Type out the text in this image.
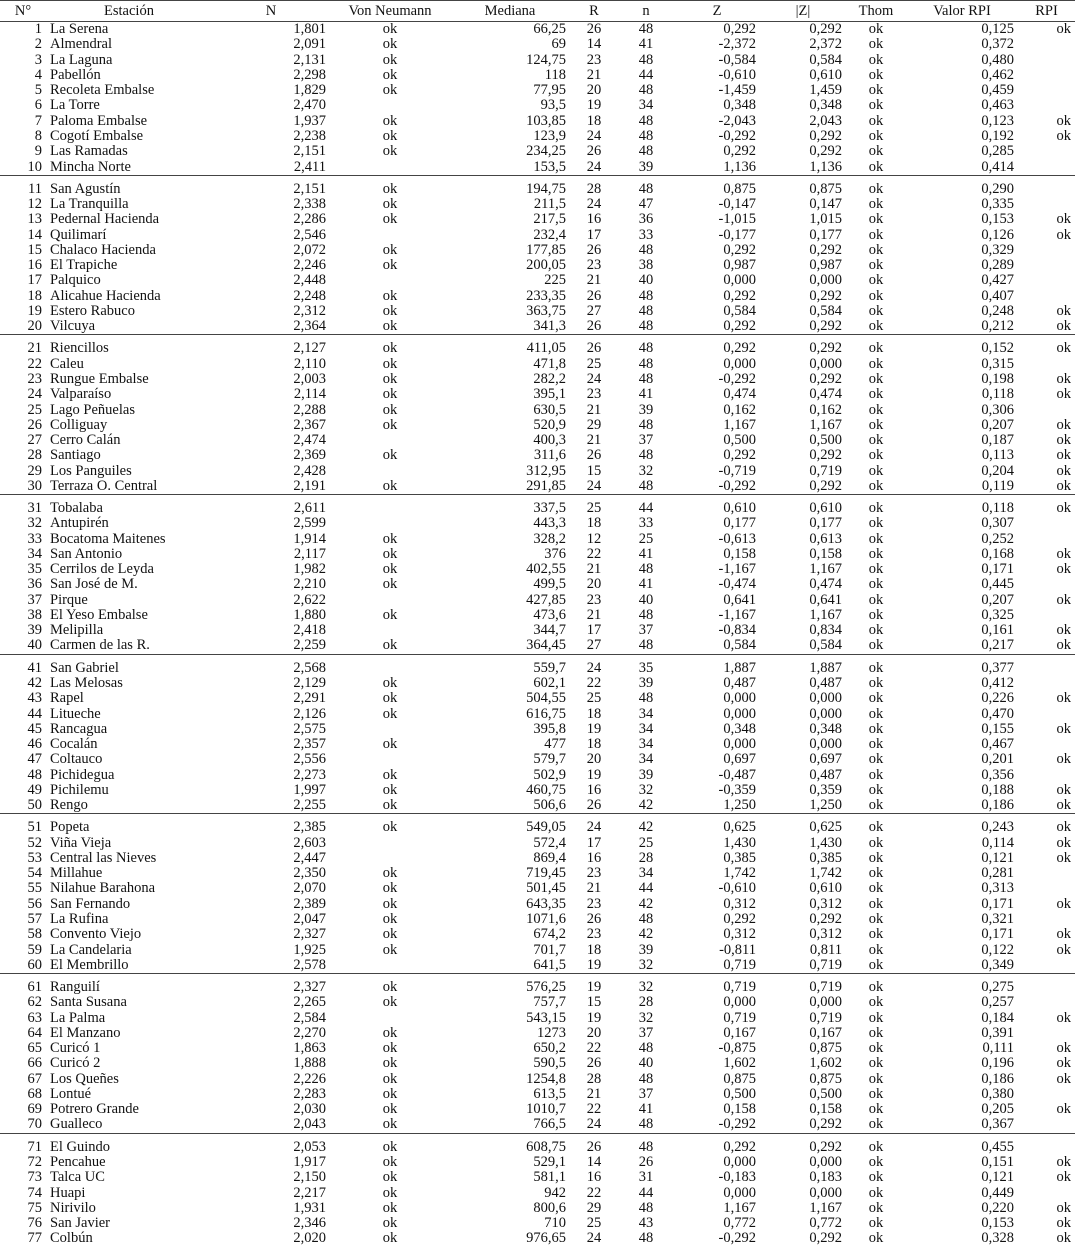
N°	Estación	N	Von Neumann	Mediana	R	n	Z	|Z|	Thom	Valor RPI	RPI
1	La Serena	1,801	ok	66,25	26	48	0,292	0,292	ok	0,125	ok
2	Almendral	2,091	ok	69	14	41	-2,372	2,372	ok	0,372	
3	La Laguna	2,131	ok	124,75	23	48	-0,584	0,584	ok	0,480	
4	Pabellón	2,298	ok	118	21	44	-0,610	0,610	ok	0,462	
5	Recoleta Embalse	1,829	ok	77,95	20	48	-1,459	1,459	ok	0,459	
6	La Torre	2,470		93,5	19	34	0,348	0,348	ok	0,463	
7	Paloma Embalse	1,937	ok	103,85	18	48	-2,043	2,043	ok	0,123	ok
8	Cogotí Embalse	2,238	ok	123,9	24	48	-0,292	0,292	ok	0,192	ok
9	Las Ramadas	2,151	ok	234,25	26	48	0,292	0,292	ok	0,285	
10	Mincha Norte	2,411		153,5	24	39	1,136	1,136	ok	0,414	
11	San Agustín	2,151	ok	194,75	28	48	0,875	0,875	ok	0,290	
12	La Tranquilla	2,338	ok	211,5	24	47	-0,147	0,147	ok	0,335	
13	Pedernal Hacienda	2,286	ok	217,5	16	36	-1,015	1,015	ok	0,153	ok
14	Quilimarí	2,546		232,4	17	33	-0,177	0,177	ok	0,126	ok
15	Chalaco Hacienda	2,072	ok	177,85	26	48	0,292	0,292	ok	0,329	
16	El Trapiche	2,246	ok	200,05	23	38	0,987	0,987	ok	0,289	
17	Palquico	2,448		225	21	40	0,000	0,000	ok	0,427	
18	Alicahue Hacienda	2,248	ok	233,35	26	48	0,292	0,292	ok	0,407	
19	Estero Rabuco	2,312	ok	363,75	27	48	0,584	0,584	ok	0,248	ok
20	Vilcuya	2,364	ok	341,3	26	48	0,292	0,292	ok	0,212	ok
21	Riencillos	2,127	ok	411,05	26	48	0,292	0,292	ok	0,152	ok
22	Caleu	2,110	ok	471,8	25	48	0,000	0,000	ok	0,315	
23	Rungue Embalse	2,003	ok	282,2	24	48	-0,292	0,292	ok	0,198	ok
24	Valparaíso	2,114	ok	395,1	23	41	0,474	0,474	ok	0,118	ok
25	Lago Peñuelas	2,288	ok	630,5	21	39	0,162	0,162	ok	0,306	
26	Colliguay	2,367	ok	520,9	29	48	1,167	1,167	ok	0,207	ok
27	Cerro Calán	2,474		400,3	21	37	0,500	0,500	ok	0,187	ok
28	Santiago	2,369	ok	311,6	26	48	0,292	0,292	ok	0,113	ok
29	Los Panguiles	2,428		312,95	15	32	-0,719	0,719	ok	0,204	ok
30	Terraza O. Central	2,191	ok	291,85	24	48	-0,292	0,292	ok	0,119	ok
31	Tobalaba	2,611		337,5	25	44	0,610	0,610	ok	0,118	ok
32	Antupirén	2,599		443,3	18	33	0,177	0,177	ok	0,307	
33	Bocatoma Maitenes	1,914	ok	328,2	12	25	-0,613	0,613	ok	0,252	
34	San Antonio	2,117	ok	376	22	41	0,158	0,158	ok	0,168	ok
35	Cerrilos de Leyda	1,982	ok	402,55	21	48	-1,167	1,167	ok	0,171	ok
36	San José de M.	2,210	ok	499,5	20	41	-0,474	0,474	ok	0,445	
37	Pirque	2,622		427,85	23	40	0,641	0,641	ok	0,207	ok
38	El Yeso Embalse	1,880	ok	473,6	21	48	-1,167	1,167	ok	0,325	
39	Melipilla	2,418		344,7	17	37	-0,834	0,834	ok	0,161	ok
40	Carmen de las R.	2,259	ok	364,45	27	48	0,584	0,584	ok	0,217	ok
41	San Gabriel	2,568		559,7	24	35	1,887	1,887	ok	0,377	
42	Las Melosas	2,129	ok	602,1	22	39	0,487	0,487	ok	0,412	
43	Rapel	2,291	ok	504,55	25	48	0,000	0,000	ok	0,226	ok
44	Litueche	2,126	ok	616,75	18	34	0,000	0,000	ok	0,470	
45	Rancagua	2,575		395,8	19	34	0,348	0,348	ok	0,155	ok
46	Cocalán	2,357	ok	477	18	34	0,000	0,000	ok	0,467	
47	Coltauco	2,556		579,7	20	34	0,697	0,697	ok	0,201	ok
48	Pichidegua	2,273	ok	502,9	19	39	-0,487	0,487	ok	0,356	
49	Pichilemu	1,997	ok	460,75	16	32	-0,359	0,359	ok	0,188	ok
50	Rengo	2,255	ok	506,6	26	42	1,250	1,250	ok	0,186	ok
51	Popeta	2,385	ok	549,05	24	42	0,625	0,625	ok	0,243	ok
52	Viña Vieja	2,603		572,4	17	25	1,430	1,430	ok	0,114	ok
53	Central las Nieves	2,447		869,4	16	28	0,385	0,385	ok	0,121	ok
54	Millahue	2,350	ok	719,45	23	34	1,742	1,742	ok	0,281	
55	Nilahue Barahona	2,070	ok	501,45	21	44	-0,610	0,610	ok	0,313	
56	San Fernando	2,389	ok	643,35	23	42	0,312	0,312	ok	0,171	ok
57	La Rufina	2,047	ok	1071,6	26	48	0,292	0,292	ok	0,321	
58	Convento Viejo	2,327	ok	674,2	23	42	0,312	0,312	ok	0,171	ok
59	La Candelaria	1,925	ok	701,7	18	39	-0,811	0,811	ok	0,122	ok
60	El Membrillo	2,578		641,5	19	32	0,719	0,719	ok	0,349	
61	Ranguilí	2,327	ok	576,25	19	32	0,719	0,719	ok	0,275	
62	Santa Susana	2,265	ok	757,7	15	28	0,000	0,000	ok	0,257	
63	La Palma	2,584		543,15	19	32	0,719	0,719	ok	0,184	ok
64	El Manzano	2,270	ok	1273	20	37	0,167	0,167	ok	0,391	
65	Curicó 1	1,863	ok	650,2	22	48	-0,875	0,875	ok	0,111	ok
66	Curicó 2	1,888	ok	590,5	26	40	1,602	1,602	ok	0,196	ok
67	Los Queñes	2,226	ok	1254,8	28	48	0,875	0,875	ok	0,186	ok
68	Lontué	2,283	ok	613,5	21	37	0,500	0,500	ok	0,380	
69	Potrero Grande	2,030	ok	1010,7	22	41	0,158	0,158	ok	0,205	ok
70	Gualleco	2,043	ok	766,5	24	48	-0,292	0,292	ok	0,367	
71	El Guindo	2,053	ok	608,75	26	48	0,292	0,292	ok	0,455	
72	Pencahue	1,917	ok	529,1	14	26	0,000	0,000	ok	0,151	ok
73	Talca UC	2,150	ok	581,1	16	31	-0,183	0,183	ok	0,121	ok
74	Huapi	2,217	ok	942	22	44	0,000	0,000	ok	0,449	
75	Nirivilo	1,931	ok	800,6	29	48	1,167	1,167	ok	0,220	ok
76	San Javier	2,346	ok	710	25	43	0,772	0,772	ok	0,153	ok
77	Colbún	2,020	ok	976,65	24	48	-0,292	0,292	ok	0,328	ok
